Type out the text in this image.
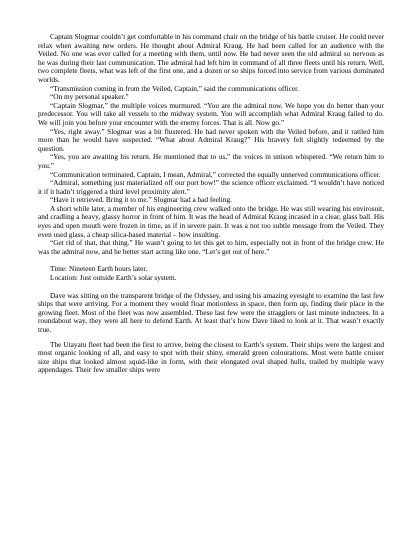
Captain Slogmar couldn’t get comfortable in his command chair on the bridge of his battle cruiser. He could never relax when awaiting new orders. He thought about Admiral Kraug. He had been called for an audience with the Veiled. No one was ever called for a meeting with them, until now. He had never seen the old admiral so nervous as he was during their last communication. The admiral had left him in command of all three fleets until his return. Well, two complete fleets, what was left of the first one, and a dozen or so ships forced into service from various dominated worlds.

“Transmission coming in from the Veiled, Captain,” said the communications officer.

“On my personal speaker.”

“Captain Slogmar,” the multiple voices murmured. “You are the admiral now. We hope you do better than your predecessor. You will take all vessels to the midway system. You will accomplish what Admiral Kraug failed to do. We will join you before your encounter with the enemy forces. That is all. Now go.”

“Yes, right away.” Slogmar was a bit flustered. He had never spoken with the Veiled before, and it rattled him more than he would have suspected. “What about Admiral Kraug?” His bravery felt slightly redeemed by the question.

“Yes, you are awaiting his return. He mentioned that to us,” the voices in unison whispered. “We return him to you.”

“Communication terminated, Captain, I mean, Admiral,” corrected the equally unnerved communications officer.

“Admiral, something just materialized off our port bow!” the science officer exclaimed. “I wouldn’t have noticed it if it hadn’t triggered a third level proximity alert.”

“Have it retrieved. Bring it to me.” Slogmar had a bad feeling.

A short while later, a member of his engineering crew walked onto the bridge. He was still wearing his envirosuit, and cradling a heavy, glassy horror in front of him. It was the head of Admiral Kraug incased in a clear, glass ball. His eyes and open mouth were frozen in time, as if in severe pain. It was a not too subtle message from the Veiled. They even used glass, a cheap silica-based material – how insulting.

“Get rid of that, that thing.” He wasn’t going to let this get to him, especially not in front of the bridge crew. He was the admiral now, and he better start acting like one. “Let’s get out of here.”

Time: Nineteen Earth hours later.

Location: Just outside Earth’s solar system.

Dave was sitting on the transparent bridge of the Odyssey, and using his amazing eyesight to examine the last few ships that were arriving. For a moment they would float motionless in space, then form up, finding their place in the growing fleet. Most of the fleet was now assembled. These last few were the stragglers or last minute inductees. In a roundabout way, they were all here to defend Earth. At least that’s how Dave liked to look at it. That wasn’t exactly true.

The Utayatu fleet had been the first to arrive, being the closest to Earth’s system. Their ships were the largest and most organic looking of all, and easy to spot with their shiny, emerald green colourations. Most were battle cruiser size ships that looked almost squid-like in form, with their elongated oval shaped hulls, trailed by multiple wavy appendages. Their few smaller ships were
